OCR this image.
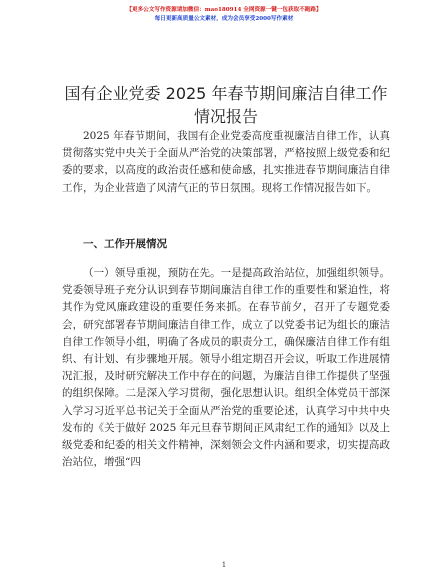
【更多公文写作资源请加微信：mao180914 全网资源一键一包获取不跑路】
每日更新高质量公文素材，成为会员享受2000写作素材
国有企业党委 2025 年春节期间廉洁自律工作情况报告

2025 年春节期间，我国有企业党委高度重视廉洁自律工作，认真贯彻落实党中央关于全面从严治党的决策部署，严格按照上级党委和纪委的要求，以高度的政治责任感和使命感，扎实推进春节期间廉洁自律工作，为企业营造了风清气正的节日氛围。现将工作情况报告如下。

一、工作开展情况

（一）领导重视，预防在先。一是提高政治站位，加强组织领导。党委领导班子充分认识到春节期间廉洁自律工作的重要性和紧迫性，将其作为党风廉政建设的重要任务来抓。在春节前夕，召开了专题党委会，研究部署春节期间廉洁自律工作，成立了以党委书记为组长的廉洁自律工作领导小组，明确了各成员的职责分工，确保廉洁自律工作有组织、有计划、有步骤地开展。领导小组定期召开会议，听取工作进展情况汇报，及时研究解决工作中存在的问题，为廉洁自律工作提供了坚强的组织保障。二是深入学习贯彻，强化思想认识。组织全体党员干部深入学习习近平总书记关于全面从严治党的重要论述，认真学习中共中央发布的《关于做好 2025 年元旦春节期间正风肃纪工作的通知》以及上级党委和纪委的相关文件精神，深刻领会文件内涵和要求，切实提高政治站位，增强“四

1
